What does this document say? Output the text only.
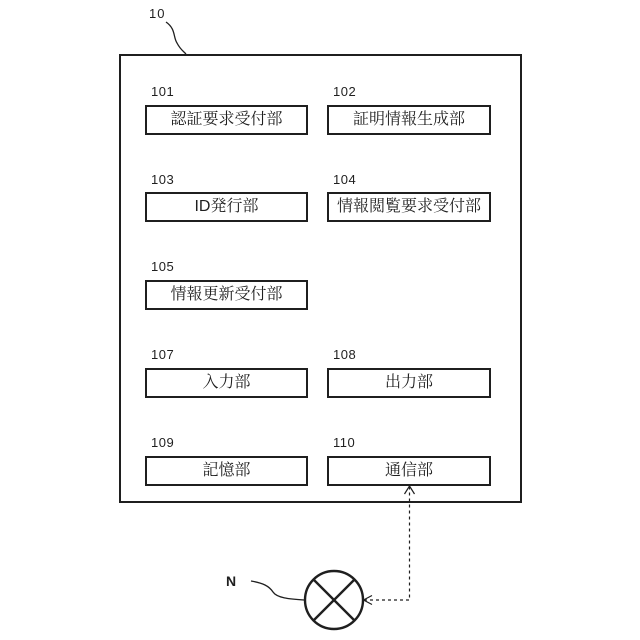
10
101
認証要求受付部
102
証明情報生成部
103
ID発行部
104
情報閲覧要求受付部
105
情報更新受付部
107
入力部
108
出力部
109
記憶部
110
通信部
N
